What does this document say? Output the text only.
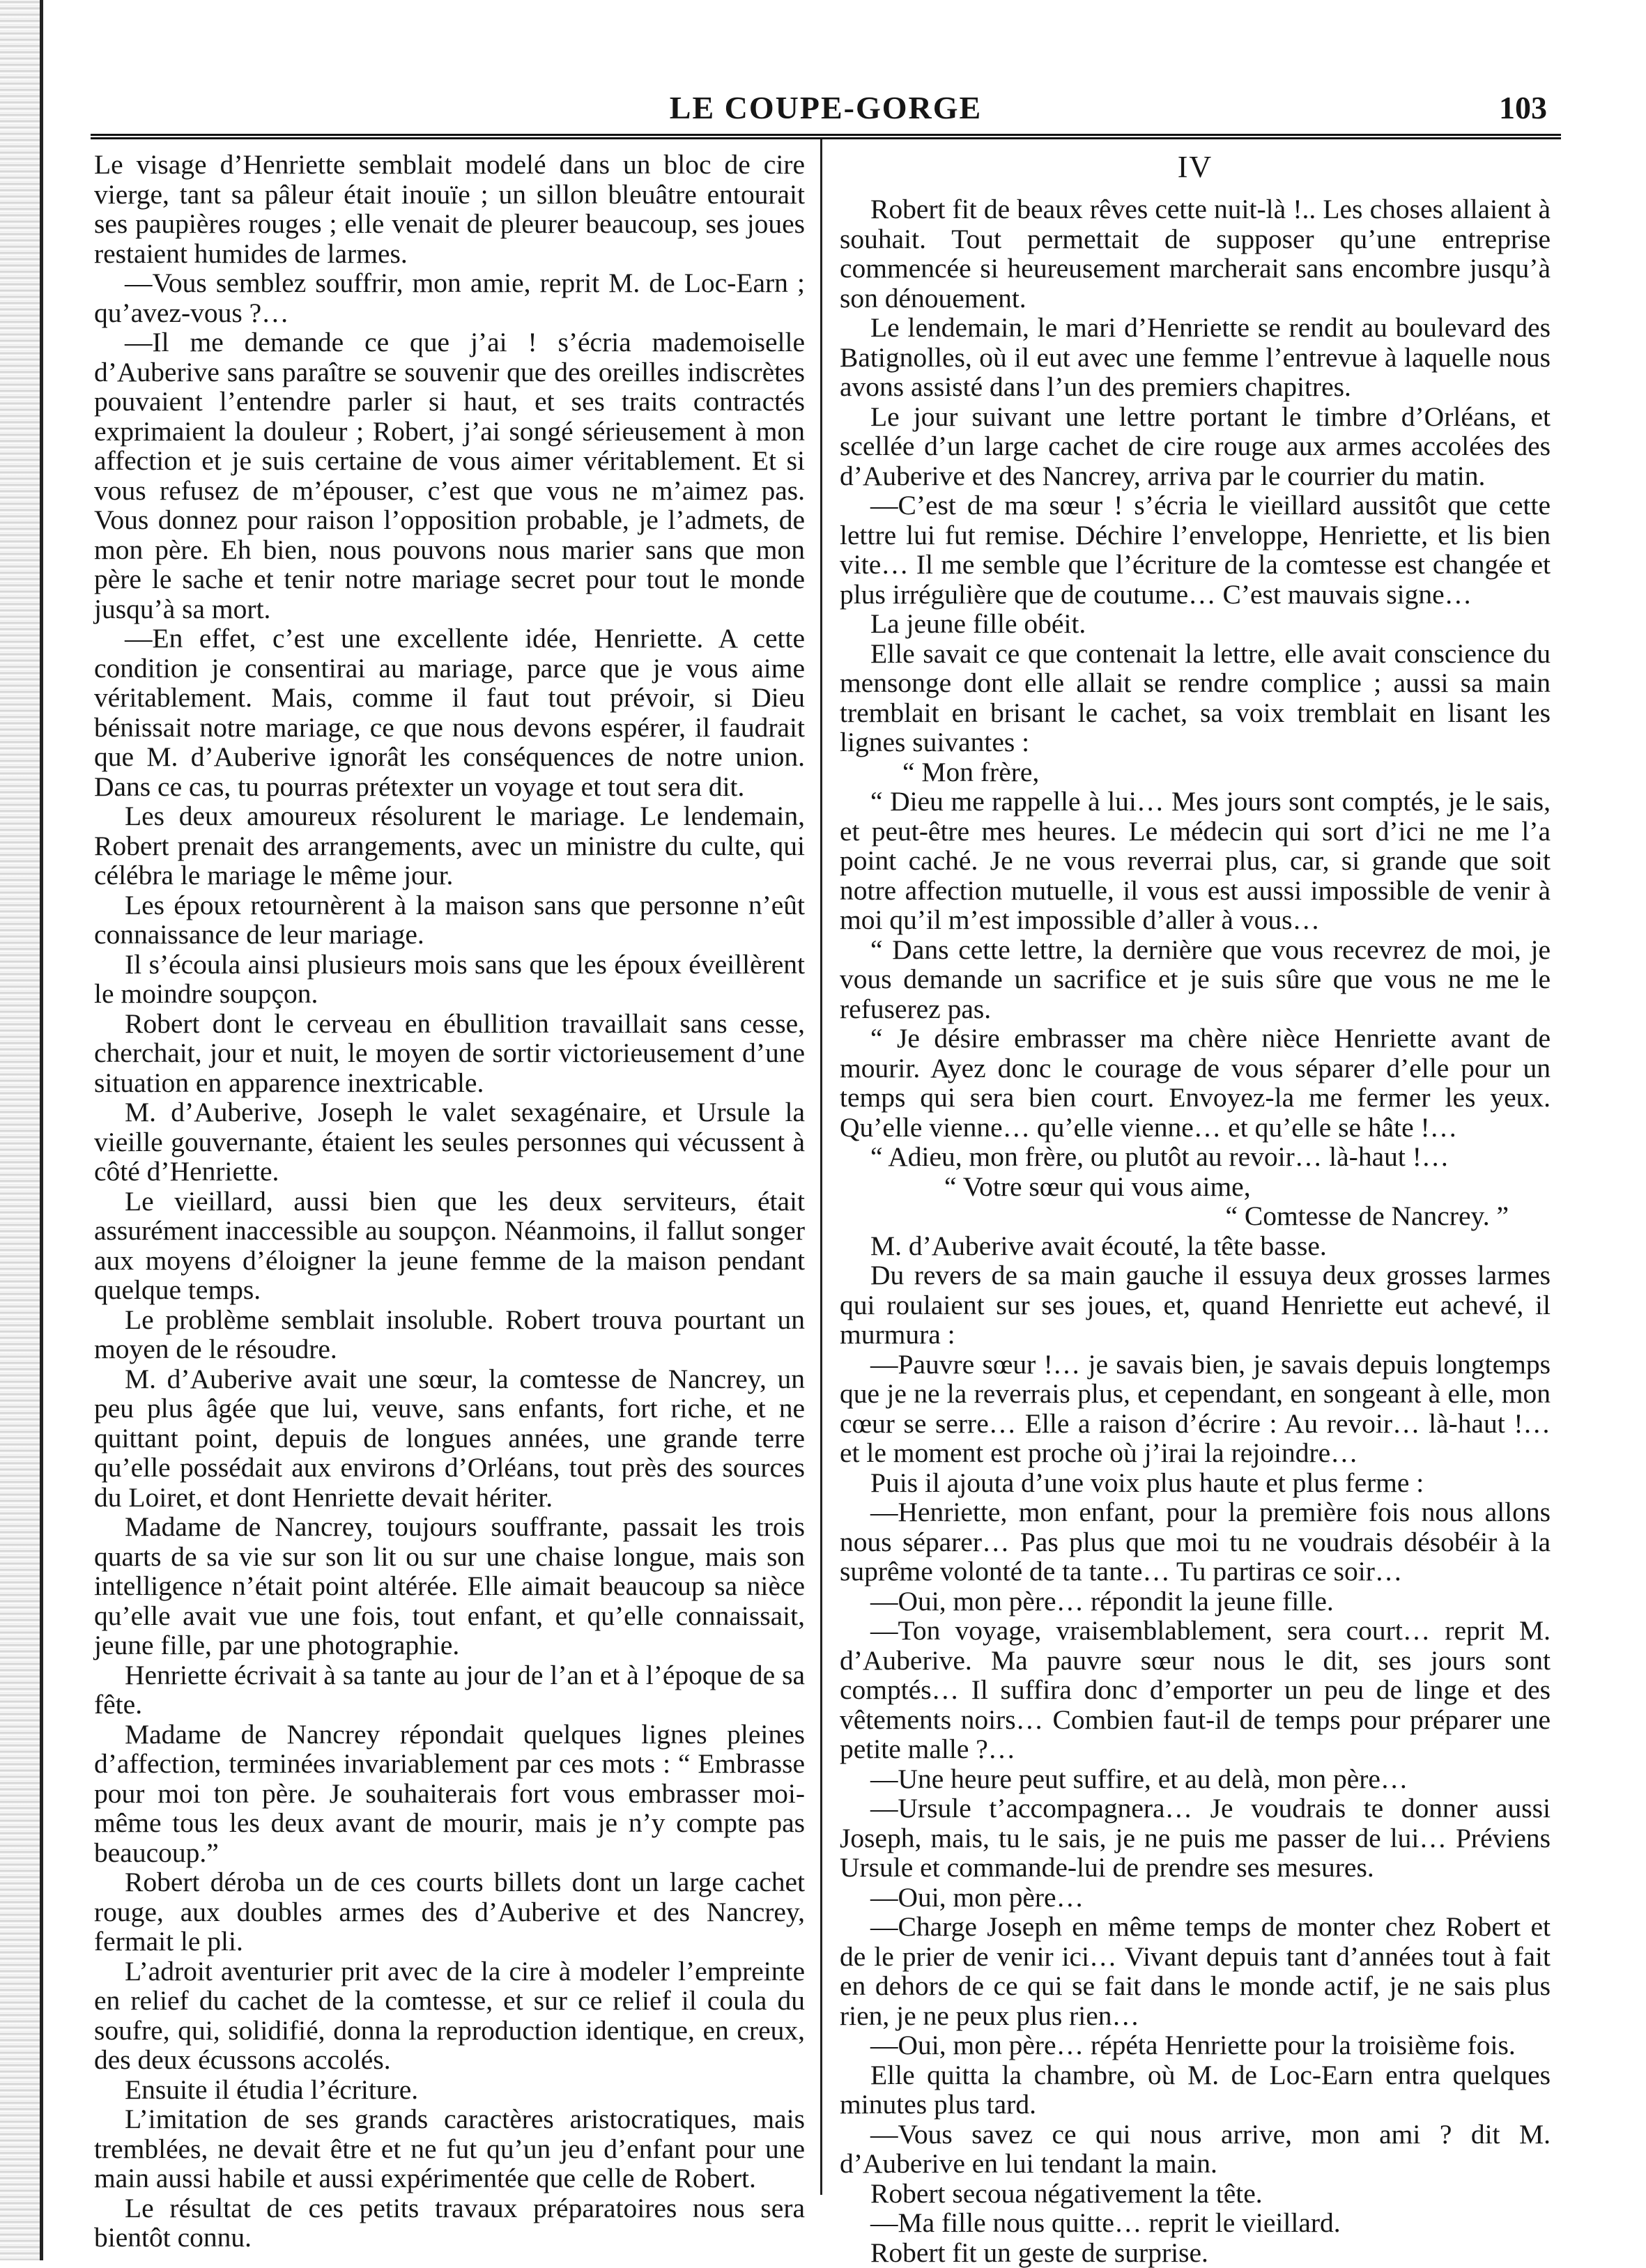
LE COUPE-GORGE	103

Le visage d’Henriette semblait modelé dans un bloc de cire vierge, tant sa pâleur était inouïe ; un sillon bleuâtre entourait ses paupières rouges ; elle venait de pleurer beaucoup, ses joues restaient humides de larmes.

—Vous semblez souffrir, mon amie, reprit M. de Loc-Earn ; qu’avez-vous ?…

—Il me demande ce que j’ai ! s’écria mademoiselle d’Auberive sans paraître se souvenir que des oreilles indiscrètes pouvaient l’entendre parler si haut, et ses traits contractés exprimaient la douleur ; Robert, j’ai songé sérieusement à mon affection et je suis certaine de vous aimer véritablement. Et si vous refusez de m’épouser, c’est que vous ne m’aimez pas. Vous donnez pour raison l’opposition probable, je l’admets, de mon père. Eh bien, nous pouvons nous marier sans que mon père le sache et tenir notre mariage secret pour tout le monde jusqu’à sa mort.

—En effet, c’est une excellente idée, Henriette. A cette condition je consentirai au mariage, parce que je vous aime véritablement. Mais, comme il faut tout prévoir, si Dieu bénissait notre mariage, ce que nous devons espérer, il faudrait que M. d’Auberive ignorât les conséquences de notre union. Dans ce cas, tu pourras prétexter un voyage et tout sera dit.

Les deux amoureux résolurent le mariage. Le lendemain, Robert prenait des arrangements, avec un ministre du culte, qui célébra le mariage le même jour.

Les époux retournèrent à la maison sans que personne n’eût connaissance de leur mariage.

Il s’écoula ainsi plusieurs mois sans que les époux éveillèrent le moindre soupçon.

Robert dont le cerveau en ébullition travaillait sans cesse, cherchait, jour et nuit, le moyen de sortir victorieusement d’une situation en apparence inextricable.

M. d’Auberive, Joseph le valet sexagénaire, et Ursule la vieille gouvernante, étaient les seules personnes qui vécussent à côté d’Henriette.

Le vieillard, aussi bien que les deux serviteurs, était assurément inaccessible au soupçon. Néanmoins, il fallut songer aux moyens d’éloigner la jeune femme de la maison pendant quelque temps.

Le problème semblait insoluble. Robert trouva pourtant un moyen de le résoudre.

M. d’Auberive avait une sœur, la comtesse de Nancrey, un peu plus âgée que lui, veuve, sans enfants, fort riche, et ne quittant point, depuis de longues années, une grande terre qu’elle possédait aux environs d’Orléans, tout près des sources du Loiret, et dont Henriette devait hériter.

Madame de Nancrey, toujours souffrante, passait les trois quarts de sa vie sur son lit ou sur une chaise longue, mais son intelligence n’était point altérée. Elle aimait beaucoup sa nièce qu’elle avait vue une fois, tout enfant, et qu’elle connaissait, jeune fille, par une photographie.

Henriette écrivait à sa tante au jour de l’an et à l’époque de sa fête.

Madame de Nancrey répondait quelques lignes pleines d’affection, terminées invariablement par ces mots : “ Embrasse pour moi ton père. Je souhaiterais fort vous embrasser moi-même tous les deux avant de mourir, mais je n’y compte pas beaucoup.”

Robert déroba un de ces courts billets dont un large cachet rouge, aux doubles armes des d’Auberive et des Nancrey, fermait le pli.

L’adroit aventurier prit avec de la cire à modeler l’empreinte en relief du cachet de la comtesse, et sur ce relief il coula du soufre, qui, solidifié, donna la reproduction identique, en creux, des deux écussons accolés.

Ensuite il étudia l’écriture.

L’imitation de ses grands caractères aristocratiques, mais tremblées, ne devait être et ne fut qu’un jeu d’enfant pour une main aussi habile et aussi expérimentée que celle de Robert.

Le résultat de ces petits travaux préparatoires nous sera bientôt connu.

IV

Robert fit de beaux rêves cette nuit-là !.. Les choses allaient à souhait. Tout permettait de supposer qu’une entreprise commencée si heureusement marcherait sans encombre jusqu’à son dénouement.

Le lendemain, le mari d’Henriette se rendit au boulevard des Batignolles, où il eut avec une femme l’entrevue à laquelle nous avons assisté dans l’un des premiers chapitres.

Le jour suivant une lettre portant le timbre d’Orléans, et scellée d’un large cachet de cire rouge aux armes accolées des d’Auberive et des Nancrey, arriva par le courrier du matin.

—C’est de ma sœur ! s’écria le vieillard aussitôt que cette lettre lui fut remise. Déchire l’enveloppe, Henriette, et lis bien vite… Il me semble que l’écriture de la comtesse est changée et plus irrégulière que de coutume… C’est mauvais signe…

La jeune fille obéit.

Elle savait ce que contenait la lettre, elle avait conscience du mensonge dont elle allait se rendre complice ; aussi sa main tremblait en brisant le cachet, sa voix tremblait en lisant les lignes suivantes :

“ Mon frère,

“ Dieu me rappelle à lui… Mes jours sont comptés, je le sais, et peut-être mes heures. Le médecin qui sort d’ici ne me l’a point caché. Je ne vous reverrai plus, car, si grande que soit notre affection mutuelle, il vous est aussi impossible de venir à moi qu’il m’est impossible d’aller à vous…

“ Dans cette lettre, la dernière que vous recevrez de moi, je vous demande un sacrifice et je suis sûre que vous ne me le refuserez pas.

“ Je désire embrasser ma chère nièce Henriette avant de mourir. Ayez donc le courage de vous séparer d’elle pour un temps qui sera bien court. Envoyez-la me fermer les yeux. Qu’elle vienne… qu’elle vienne… et qu’elle se hâte !…

“ Adieu, mon frère, ou plutôt au revoir… là-haut !…

“ Votre sœur qui vous aime,

“ Comtesse de Nancrey. ”

M. d’Auberive avait écouté, la tête basse.

Du revers de sa main gauche il essuya deux grosses larmes qui roulaient sur ses joues, et, quand Henriette eut achevé, il murmura :

—Pauvre sœur !… je savais bien, je savais depuis longtemps que je ne la reverrais plus, et cependant, en songeant à elle, mon cœur se serre… Elle a raison d’écrire : Au revoir… là-haut !… et le moment est proche où j’irai la rejoindre…

Puis il ajouta d’une voix plus haute et plus ferme :

—Henriette, mon enfant, pour la première fois nous allons nous séparer… Pas plus que moi tu ne voudrais désobéir à la suprême volonté de ta tante… Tu partiras ce soir…

—Oui, mon père… répondit la jeune fille.

—Ton voyage, vraisemblablement, sera court… reprit M. d’Auberive. Ma pauvre sœur nous le dit, ses jours sont comptés… Il suffira donc d’emporter un peu de linge et des vêtements noirs… Combien faut-il de temps pour préparer une petite malle ?…

—Une heure peut suffire, et au delà, mon père…

—Ursule t’accompagnera… Je voudrais te donner aussi Joseph, mais, tu le sais, je ne puis me passer de lui… Préviens Ursule et commande-lui de prendre ses mesures.

—Oui, mon père…

—Charge Joseph en même temps de monter chez Robert et de le prier de venir ici… Vivant depuis tant d’années tout à fait en dehors de ce qui se fait dans le monde actif, je ne sais plus rien, je ne peux plus rien…

—Oui, mon père… répéta Henriette pour la troisième fois.

Elle quitta la chambre, où M. de Loc-Earn entra quelques minutes plus tard.

—Vous savez ce qui nous arrive, mon ami ? dit M. d’Auberive en lui tendant la main.

Robert secoua négativement la tête.

—Ma fille nous quitte… reprit le vieillard.

Robert fit un geste de surprise.
